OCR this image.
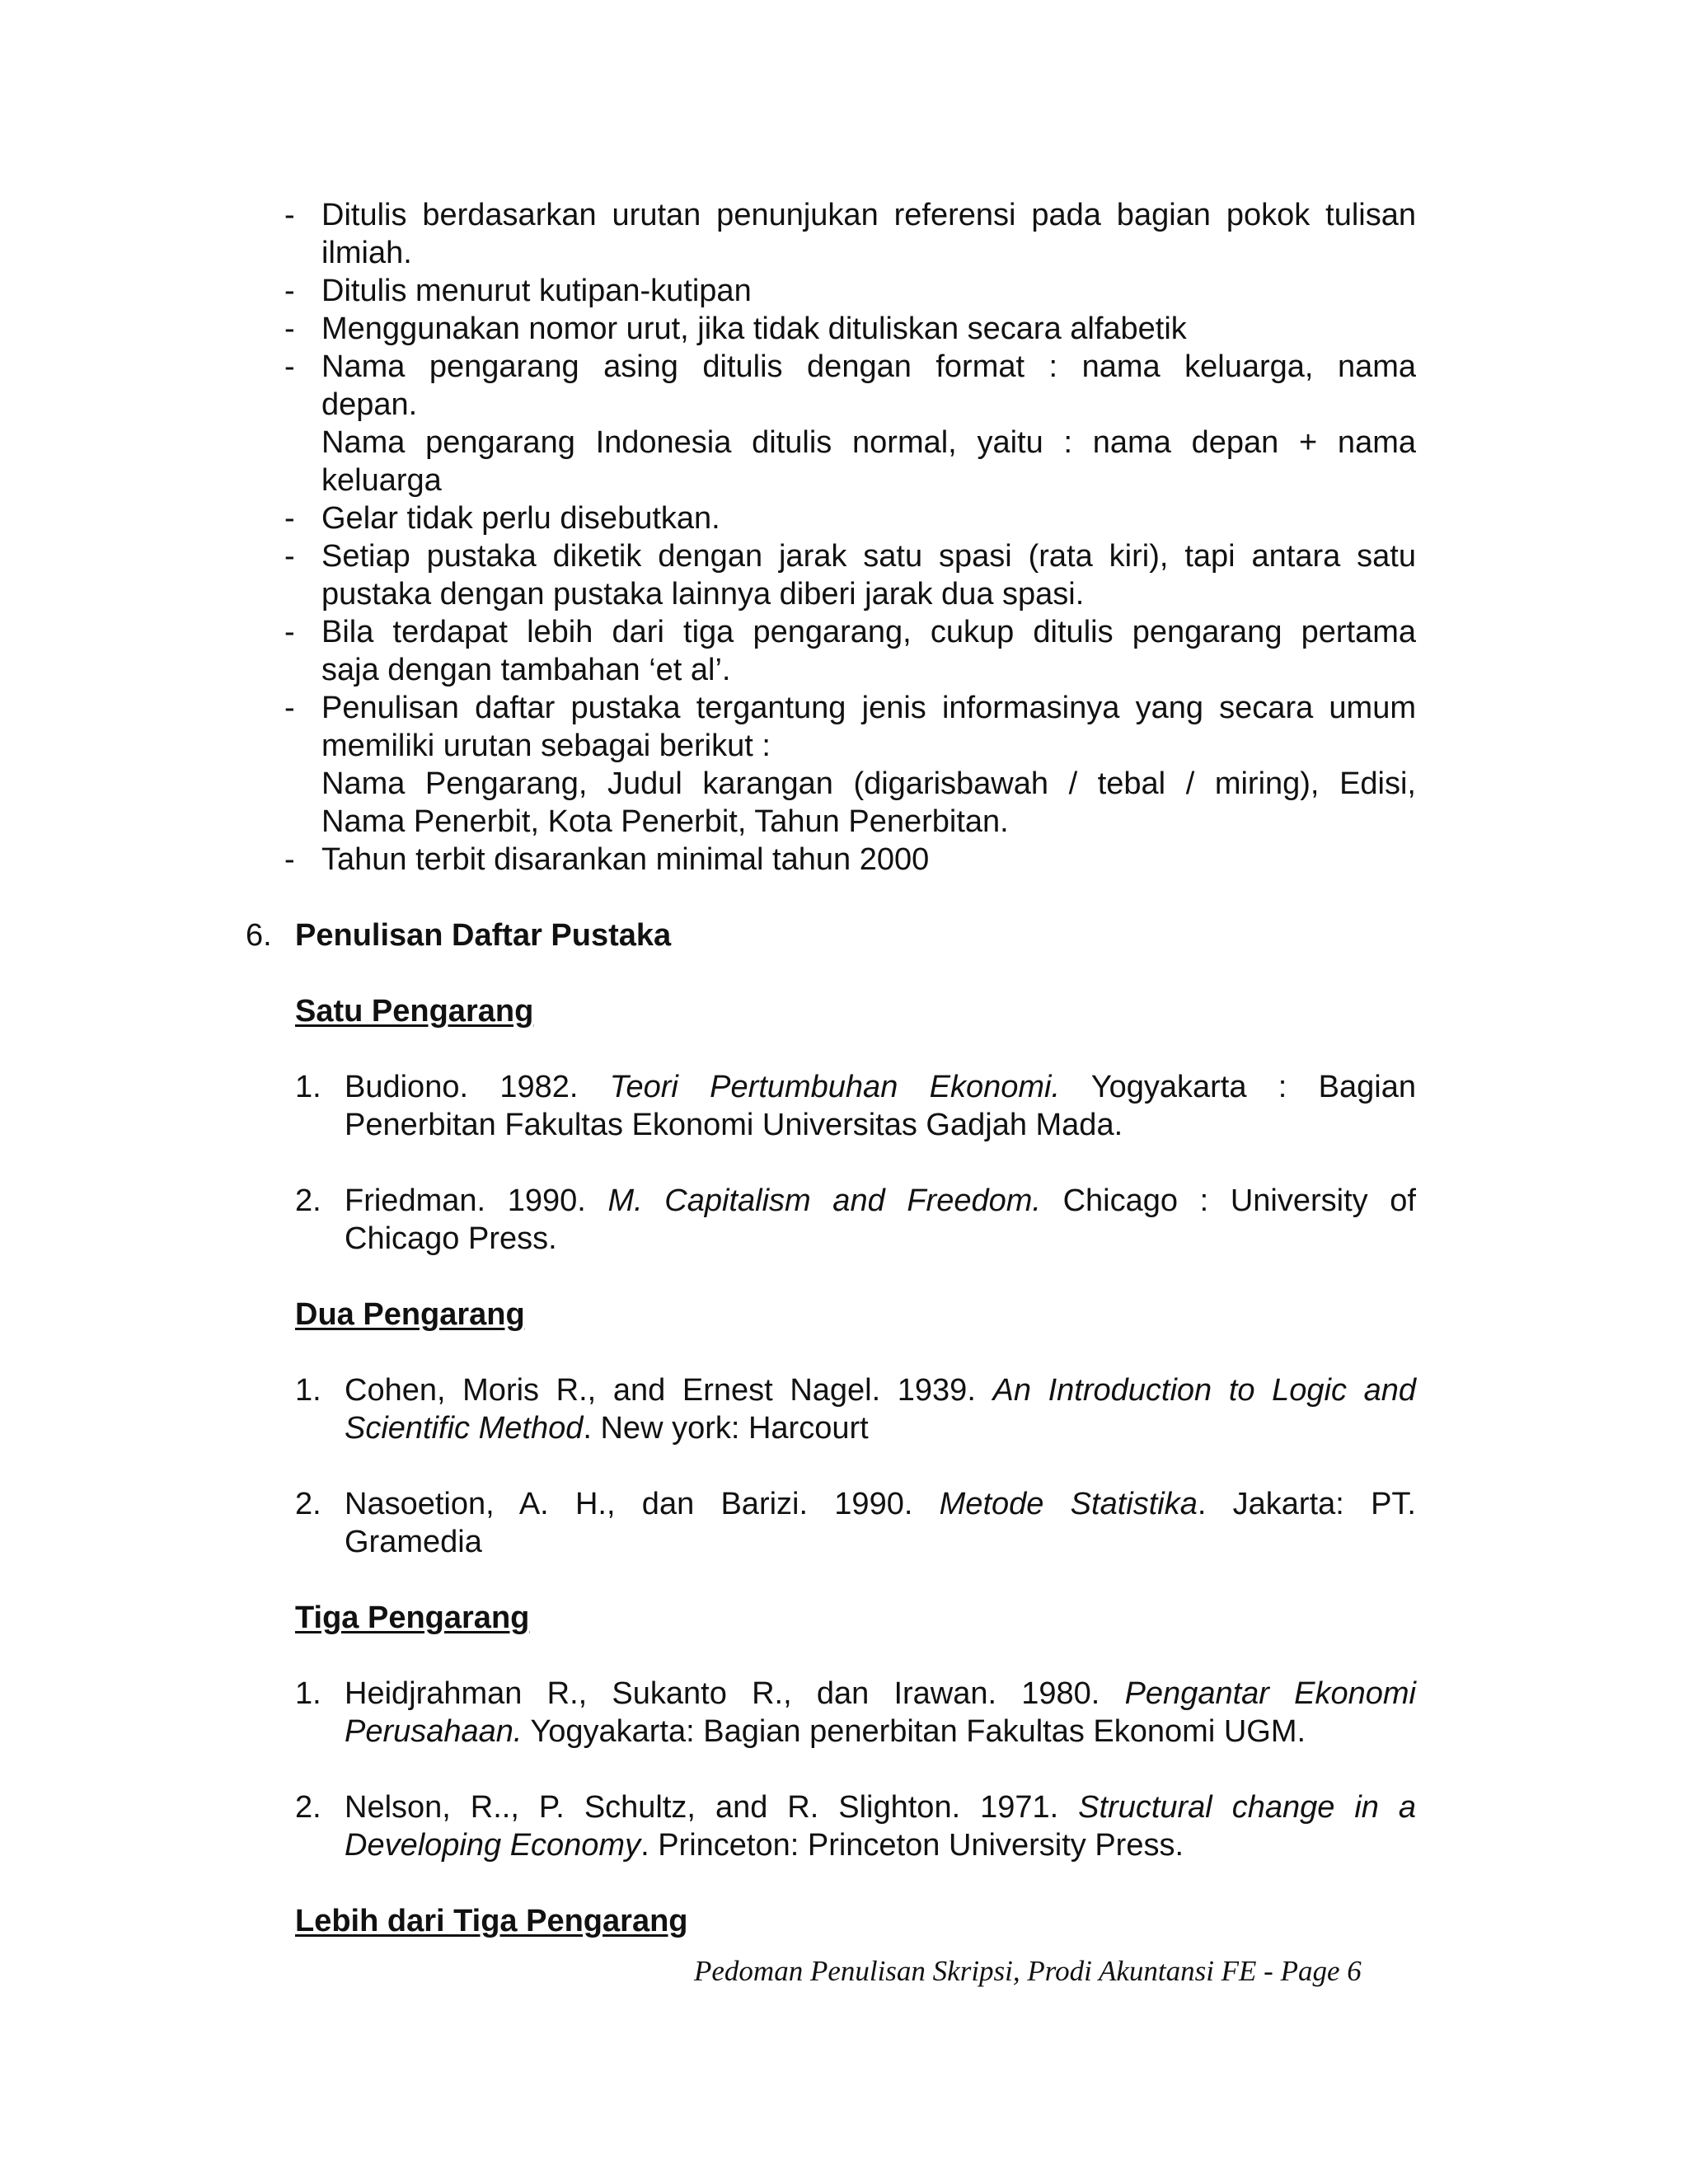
- Ditulis berdasarkan urutan penunjukan referensi pada bagian pokok tulisan
ilmiah.
- Ditulis menurut kutipan-kutipan
- Menggunakan nomor urut, jika tidak dituliskan secara alfabetik
- Nama pengarang asing ditulis dengan format : nama keluarga, nama
depan.
Nama pengarang Indonesia ditulis normal, yaitu : nama depan + nama
keluarga
- Gelar tidak perlu disebutkan.
- Setiap pustaka diketik dengan jarak satu spasi (rata kiri), tapi antara satu
pustaka dengan pustaka lainnya diberi jarak dua spasi.
- Bila terdapat lebih dari tiga pengarang, cukup ditulis pengarang pertama
saja dengan tambahan ‘et al’.
- Penulisan daftar pustaka tergantung jenis informasinya yang secara umum
memiliki urutan sebagai berikut :
Nama Pengarang, Judul karangan (digarisbawah / tebal / miring), Edisi,
Nama Penerbit, Kota Penerbit, Tahun Penerbitan.
- Tahun terbit disarankan minimal tahun 2000
6. Penulisan Daftar Pustaka
Satu Pengarang
1. Budiono. 1982. Teori Pertumbuhan Ekonomi. Yogyakarta : Bagian
Penerbitan Fakultas Ekonomi Universitas Gadjah Mada.
2. Friedman. 1990. M. Capitalism and Freedom. Chicago : University of
Chicago Press.
Dua Pengarang
1. Cohen, Moris R., and Ernest Nagel. 1939. An Introduction to Logic and
Scientific Method. New york: Harcourt
2. Nasoetion, A. H., dan Barizi. 1990. Metode Statistika. Jakarta: PT.
Gramedia
Tiga Pengarang
1. Heidjrahman R., Sukanto R., dan Irawan. 1980. Pengantar Ekonomi
Perusahaan. Yogyakarta: Bagian penerbitan Fakultas Ekonomi UGM.
2. Nelson, R.., P. Schultz, and R. Slighton. 1971. Structural change in a
Developing Economy. Princeton: Princeton University Press.
Lebih dari Tiga Pengarang
Pedoman Penulisan Skripsi, Prodi Akuntansi FE - Page 6
